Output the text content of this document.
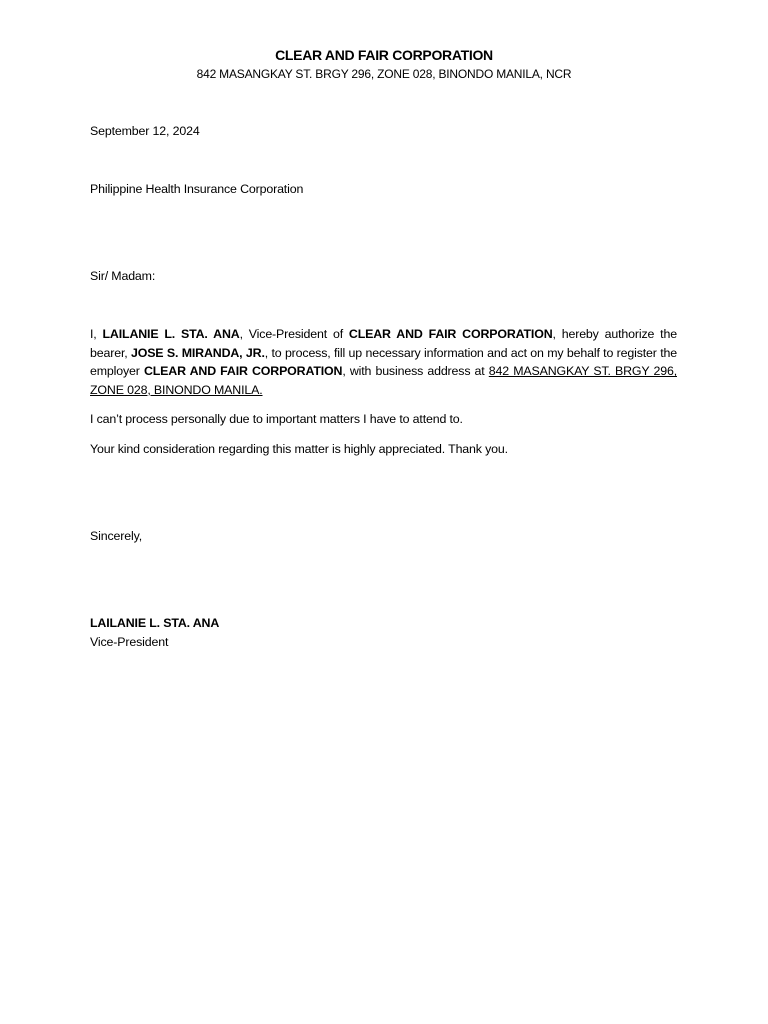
CLEAR AND FAIR CORPORATION
842 MASANGKAY ST. BRGY 296, ZONE 028, BINONDO MANILA, NCR
September 12, 2024
Philippine Health Insurance Corporation
Sir/ Madam:
I, LAILANIE L. STA. ANA, Vice-President of CLEAR AND FAIR CORPORATION, hereby authorize the bearer, JOSE S. MIRANDA, JR., to process, fill up necessary information and act on my behalf to register the employer CLEAR AND FAIR CORPORATION, with business address at 842 MASANGKAY ST. BRGY 296, ZONE 028, BINONDO MANILA.
I can’t process personally due to important matters I have to attend to.
Your kind consideration regarding this matter is highly appreciated. Thank you.
Sincerely,
LAILANIE L. STA. ANA
Vice-President
